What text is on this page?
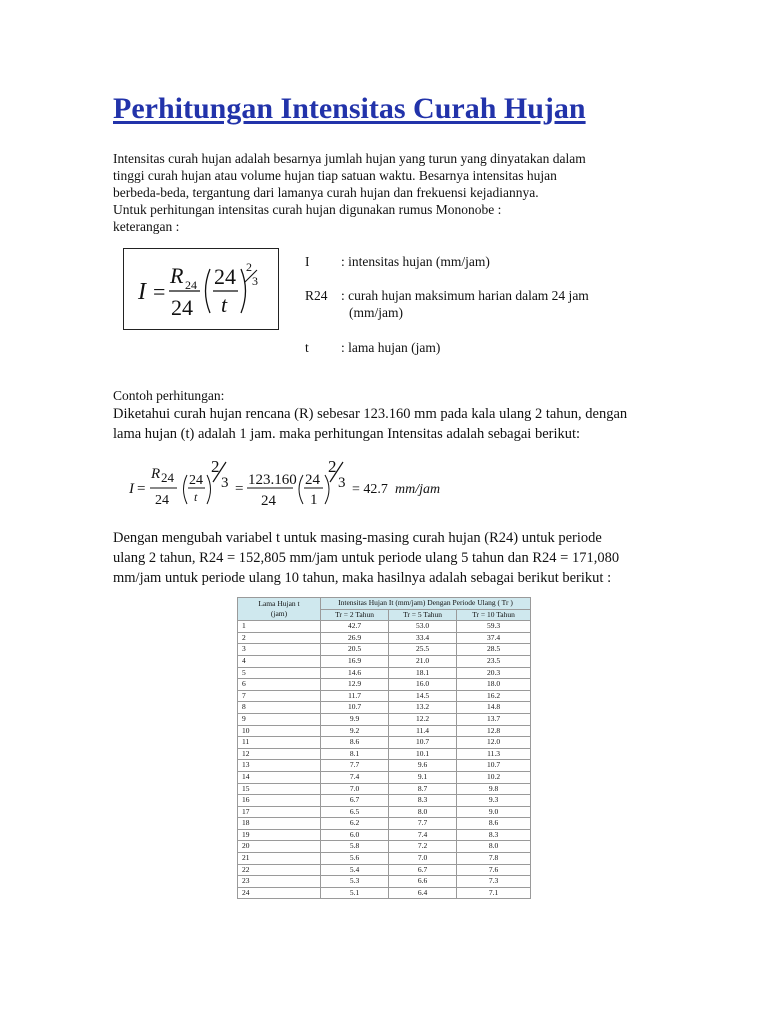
Perhitungan Intensitas Curah Hujan

Intensitas curah hujan adalah besarnya jumlah hujan yang turun yang dinyatakan dalam

tinggi curah hujan atau volume hujan tiap satuan waktu. Besarnya intensitas hujan

berbeda-beda, tergantung dari lamanya curah hujan dan frekuensi kejadiannya.

Untuk perhitungan intensitas curah hujan digunakan rumus Mononobe :

keterangan :

I =
R 24
24
24
t
2
3
I : intensitas hujan (mm/jam)
R24 : curah hujan maksimum harian dalam 24 jam
(mm/jam)
t : lama hujan (jam)

Contoh perhitungan:

Diketahui curah hujan rencana (R) sebesar 123.160 mm pada kala ulang 2 tahun, dengan

lama hujan (t) adalah 1 jam. maka perhitungan Intensitas adalah sebagai berikut:

I =
R 24
24
24
t
2
3 =
123.160
24
24
1
2
3 = 42.7 mm/jam

Dengan mengubah variabel t untuk masing-masing curah hujan (R24) untuk periode

ulang 2 tahun, R24 = 152,805 mm/jam untuk periode ulang 5 tahun dan R24 = 171,080

mm/jam untuk periode ulang 10 tahun, maka hasilnya adalah sebagai berikut berikut :

Lama Hujan t
(jam)	Intensitas Hujan It (mm/jam) Dengan Periode Ulang ( Tr )		
	Tr = 2 Tahun	Tr = 5 Tahun	Tr = 10 Tahun
1	42.7	53.0	59.3
2	26.9	33.4	37.4
3	20.5	25.5	28.5
4	16.9	21.0	23.5
5	14.6	18.1	20.3
6	12.9	16.0	18.0
7	11.7	14.5	16.2
8	10.7	13.2	14.8
9	9.9	12.2	13.7
10	9.2	11.4	12.8
11	8.6	10.7	12.0
12	8.1	10.1	11.3
13	7.7	9.6	10.7
14	7.4	9.1	10.2
15	7.0	8.7	9.8
16	6.7	8.3	9.3
17	6.5	8.0	9.0
18	6.2	7.7	8.6
19	6.0	7.4	8.3
20	5.8	7.2	8.0
21	5.6	7.0	7.8
22	5.4	6.7	7.6
23	5.3	6.6	7.3
24	5.1	6.4	7.1
